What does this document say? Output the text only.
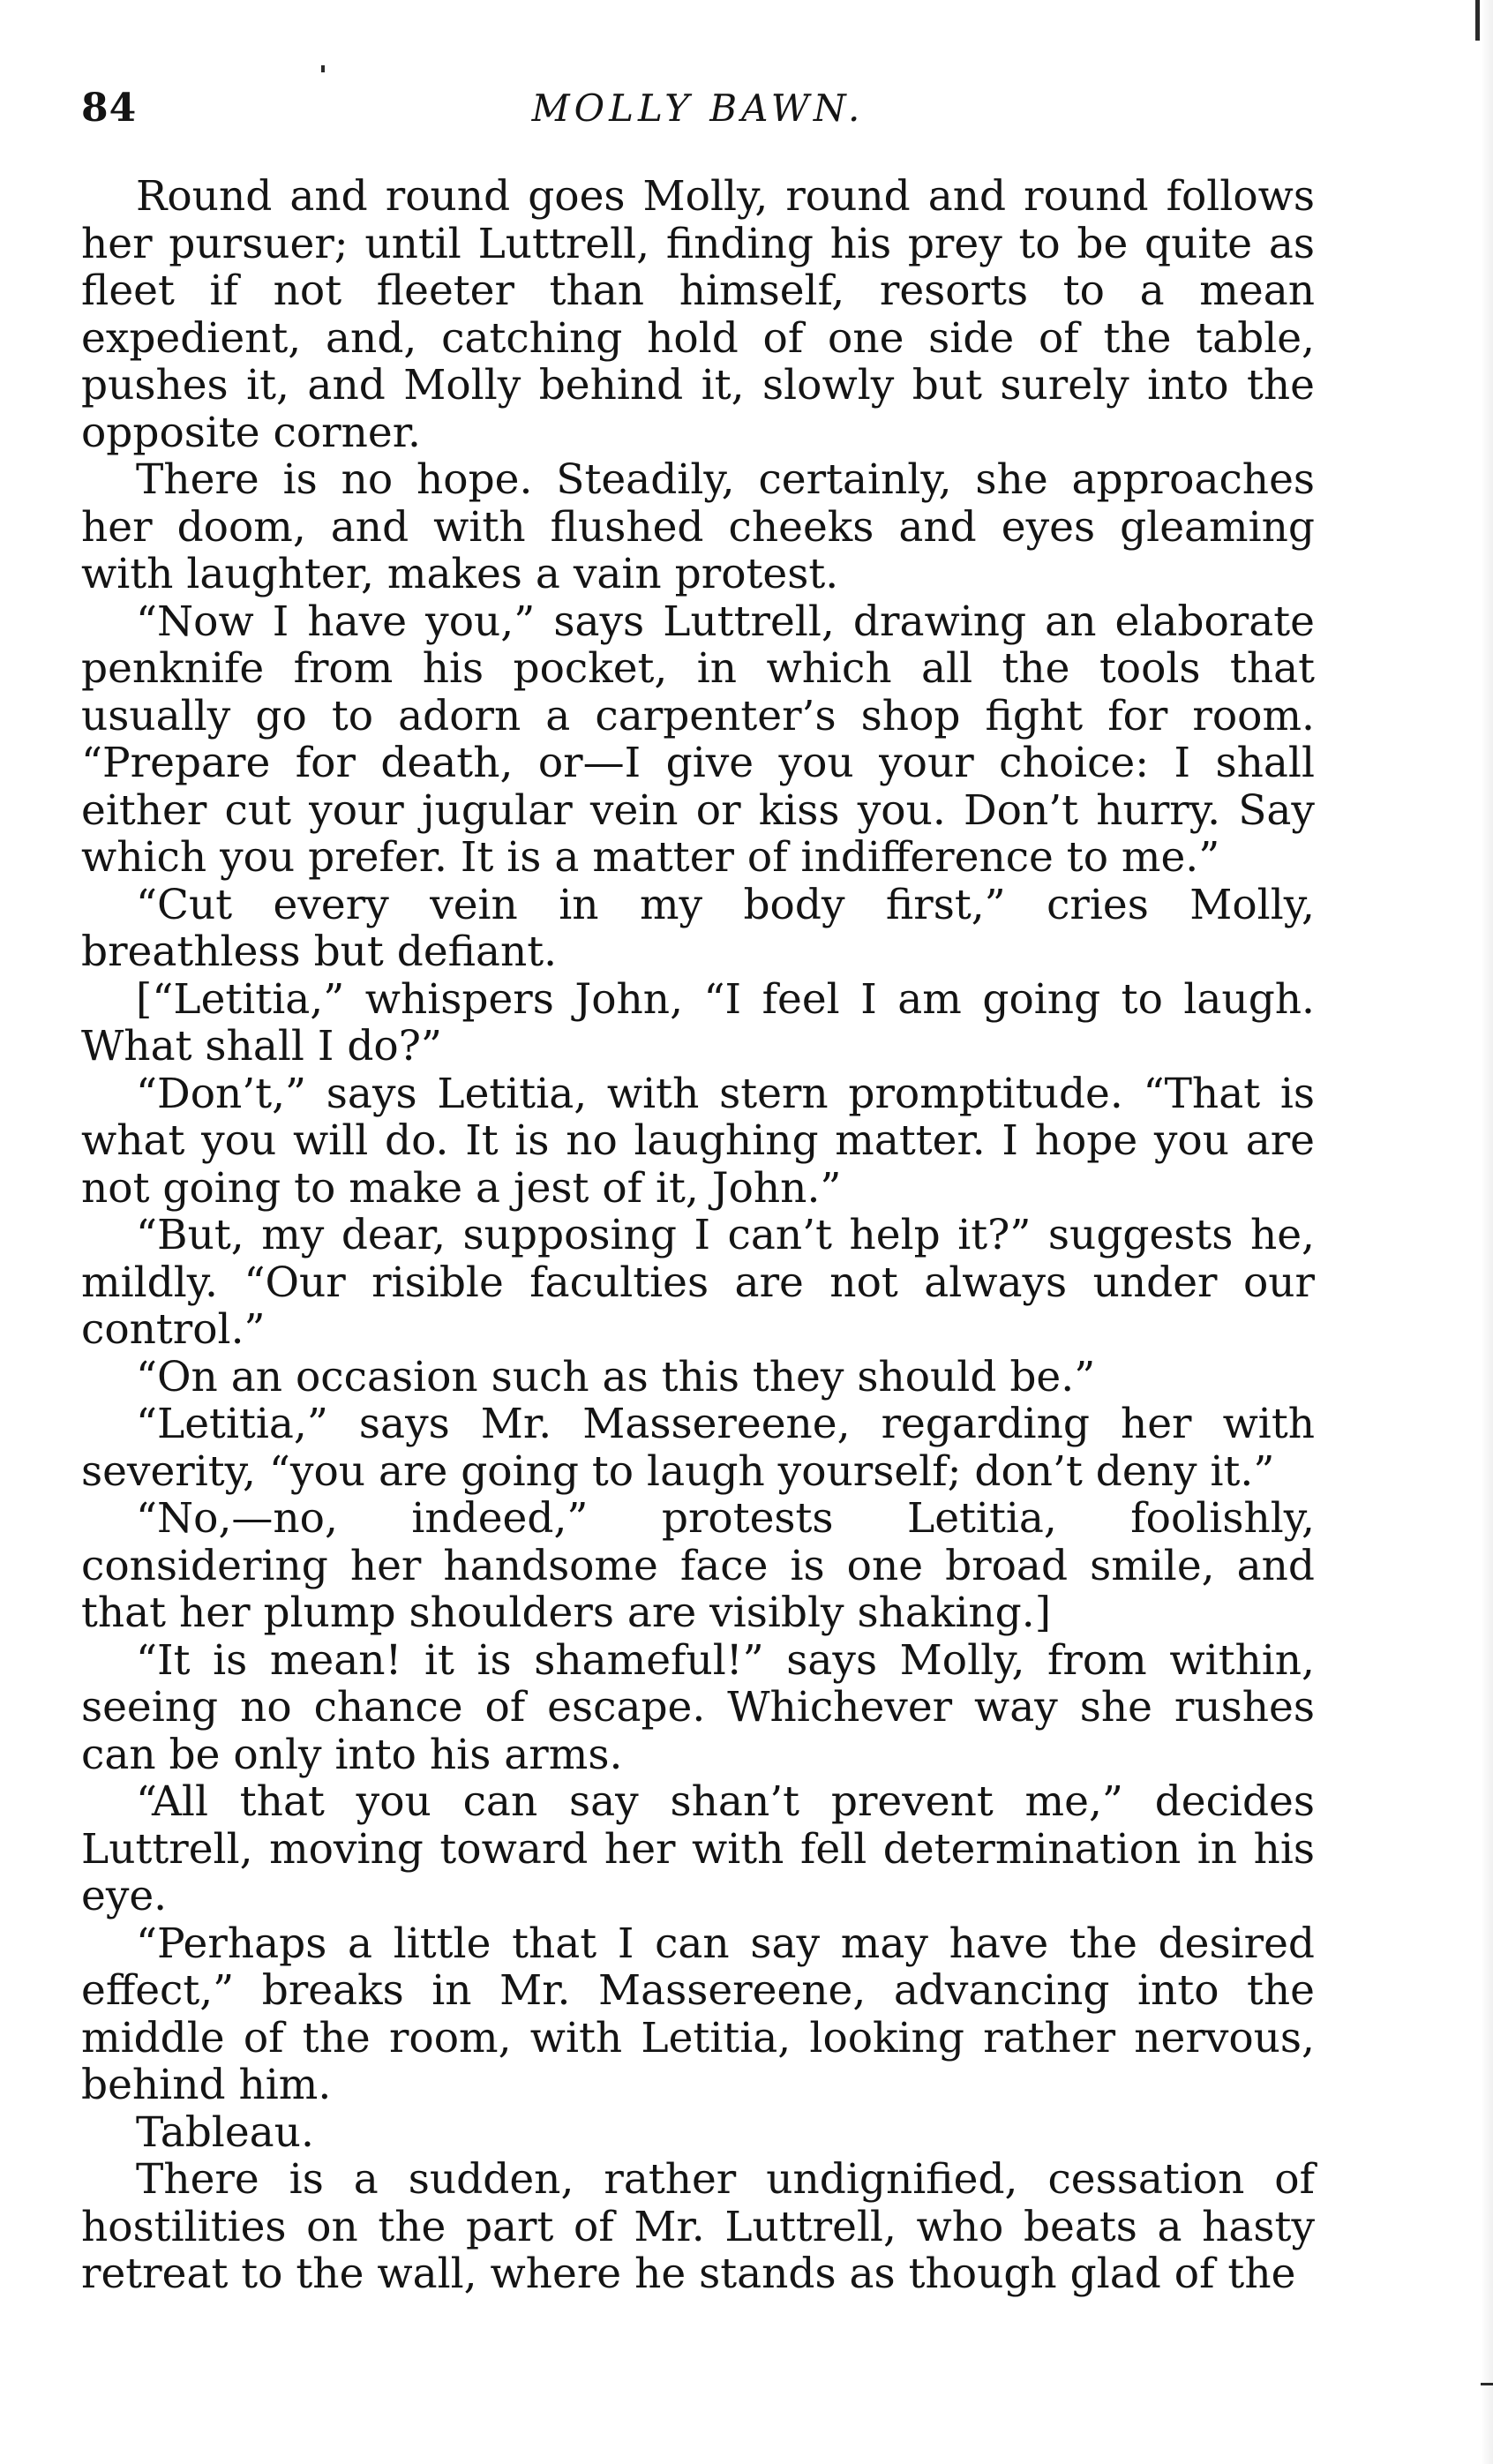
84	MOLLY BAWN.

Round and round goes Molly, round and round follows her pursuer; until Luttrell, finding his prey to be quite as fleet if not fleeter than himself, resorts to a mean expedient, and, catching hold of one side of the table, pushes it, and Molly behind it, slowly but surely into the opposite corner.

There is no hope. Steadily, certainly, she approaches her doom, and with flushed cheeks and eyes gleaming with laughter, makes a vain protest.

“Now I have you,” says Luttrell, drawing an elaborate penknife from his pocket, in which all the tools that usually go to adorn a carpenter’s shop fight for room. “Prepare for death, or—I give you your choice: I shall either cut your jugular vein or kiss you. Don’t hurry. Say which you prefer. It is a matter of indifference to me.”

“Cut every vein in my body first,” cries Molly, breathless but defiant.

[“Letitia,” whispers John, “I feel I am going to laugh. What shall I do?”

“Don’t,” says Letitia, with stern promptitude. “That is what you will do. It is no laughing matter. I hope you are not going to make a jest of it, John.”

“But, my dear, supposing I can’t help it?” suggests he, mildly. “Our risible faculties are not always under our control.”

“On an occasion such as this they should be.”

“Letitia,” says Mr. Massereene, regarding her with severity, “you are going to laugh yourself; don’t deny it.”

“No,—no, indeed,” protests Letitia, foolishly, considering her handsome face is one broad smile, and that her plump shoulders are visibly shaking.]

“It is mean! it is shameful!” says Molly, from within, seeing no chance of escape. Whichever way she rushes can be only into his arms.

“All that you can say shan’t prevent me,” decides Luttrell, moving toward her with fell determination in his eye.

“Perhaps a little that I can say may have the desired effect,” breaks in Mr. Massereene, advancing into the middle of the room, with Letitia, looking rather nervous, behind him.

Tableau.

There is a sudden, rather undignified, cessation of hostilities on the part of Mr. Luttrell, who beats a hasty retreat to the wall, where he stands as though glad of the
